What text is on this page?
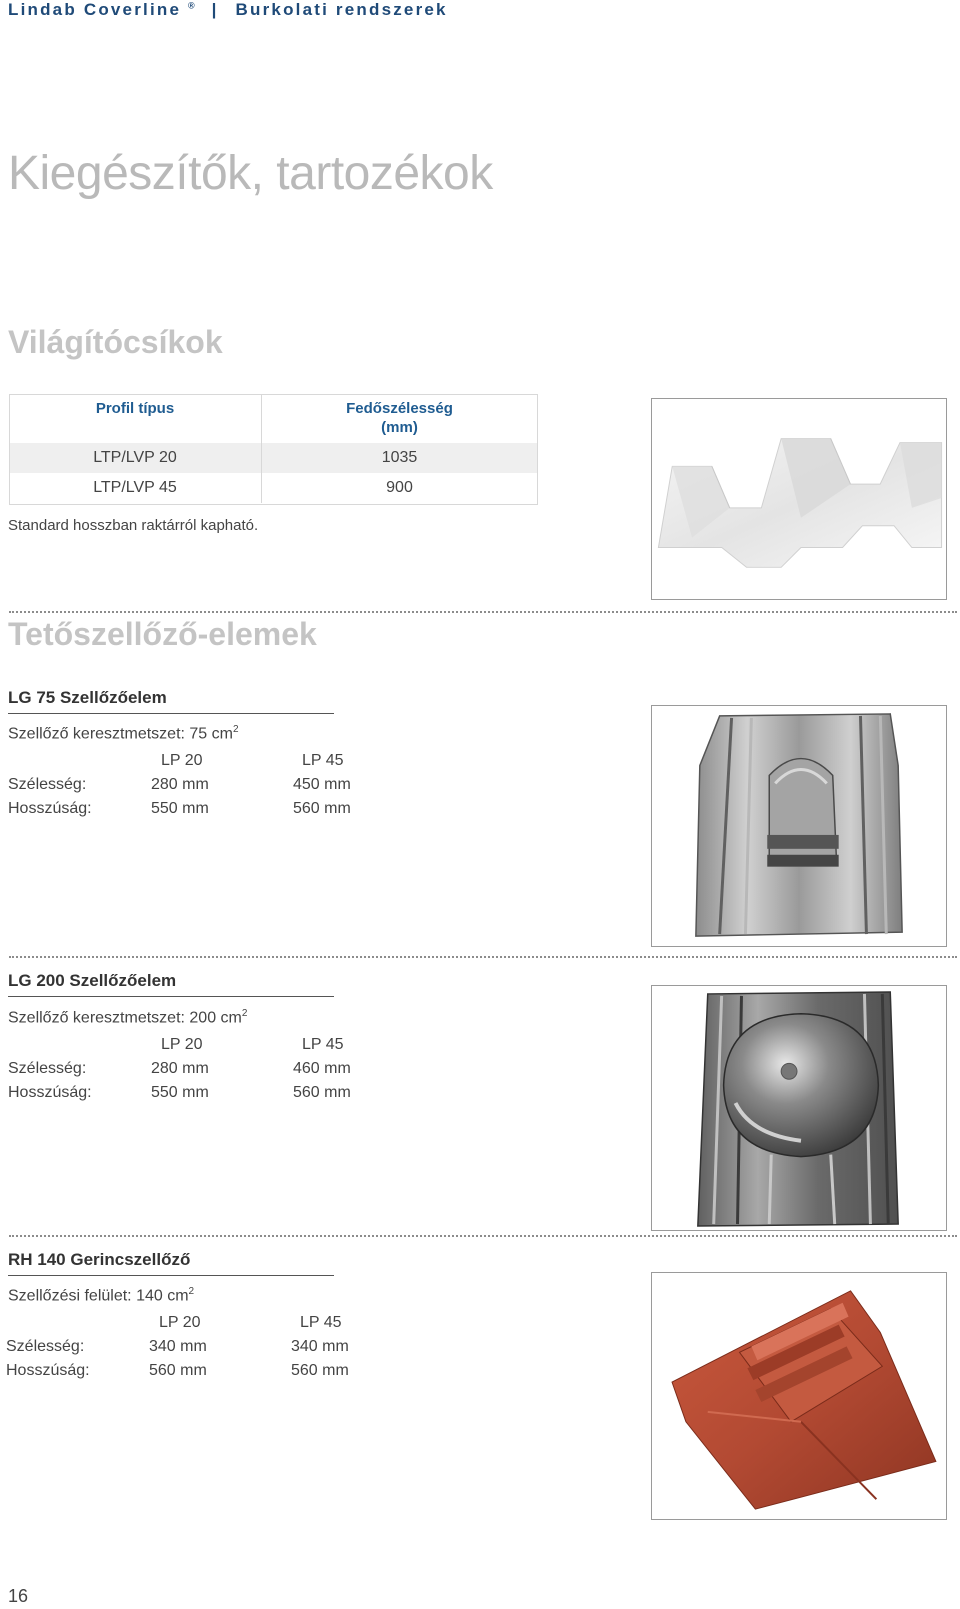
Lindab Coverline ® | Burkolati rendszerek
Kiegészítők, tartozékok
Világítócsíkok
Profil típus	Fedőszélesség
(mm)
LTP/LVP 20	1035
LTP/LVP 45	900
Standard hosszban raktárról kapható.
Tetőszellőző-elemek
LG 75 Szellőzőelem
Szellőző keresztmetszet: 75 $cm^2$
LP 20	LP 45
Szélesség:	280 mm	450 mm
Hosszúság:	550 mm	560 mm
LG 200 Szellőzőelem
Szellőző keresztmetszet: 200 $cm^2$
LP 20	LP 45
Szélesség:	280 mm	460 mm
Hosszúság:	550 mm	560 mm
RH 140 Gerincszellőző
Szellőzési felület: 140 $cm^2$
LP 20	LP 45
Szélesség:	340 mm	340 mm
Hosszúság:	560 mm	560 mm
16
